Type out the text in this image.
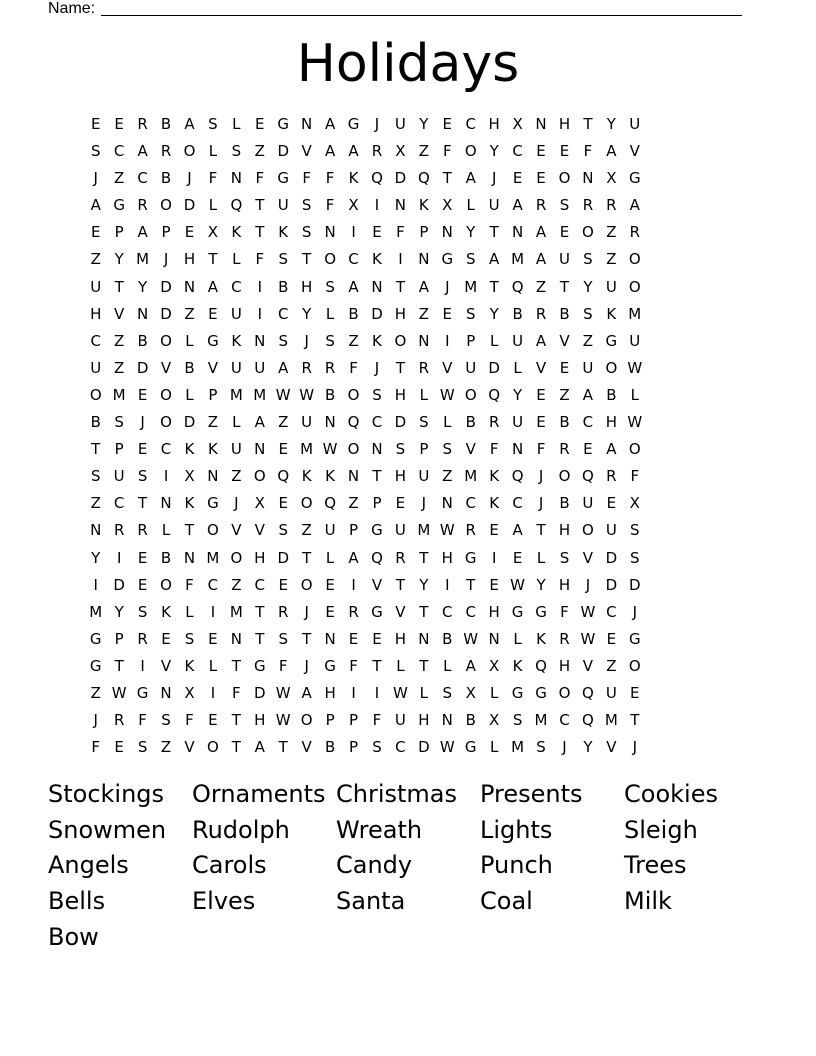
Name:
Holidays
E E R B A S L E G N A G	J	U Y E C H X N H T Y U
S C A R O L S Z D V A A R X Z F O Y C E E F A V
J	Z C B	J	F N F G F F K Q D Q T A	J	E E O N X G
A G R O D L Q T U S F X	I	N K X L U A R S R R A
E P A P E X K T K S N	I	E F P N Y T N A E O Z R
Z Y M J	H T L F S T O C K	I	N G S A M A U S Z O
U T Y D N A C	I	B H S A N T A	J M T Q Z T Y U O
H V N D Z E U	I	C Y L B D H Z E S Y B R B S K M
C Z B O L G K N S	J	S Z K O N	I	P L U A V Z G U
U Z D V B V U U A R R F	J	T R V U D L V E U O W
O M E O L P M M W W B O S H L W O Q Y E Z A B L
B S	J	O D Z L A Z U N Q C D S L B R U E B C H W
T P E C K K U N E M W O N S P S V F N F R E A O
S U S	I	X N Z O Q K K N T H U Z M K Q	J	O Q R F
Z C T N K G	J	X E O Q Z P E	J	N C K C	J	B U E X
N R R L T O V V S Z U P G U M W R E A T H O U S
Y	I	E B N M O H D T L A Q R T H G	I	E L S V D S
I	D E O F C Z C E O E	I	V T Y	I	T E W Y H	J	D D
M Y S K L	I M T R	J	E R G V T C C H G G F W C	J
G P R E S E N T S T N E E H N B W N L K R W E G
G T	I	V K L T G F	J	G F T L T L A X K Q H V Z O
Z W G N X	I	F D W A H	I	I W L S X L G G O Q U E
J	R F S F E T H W O P P F U H N B X S M C Q M T
F E S Z V O T A T V B P S C D W G L M S	J	Y V	J
Stockings	Ornaments Christmas Presents	Cookies
Snowmen	Rudolph	Wreath	Lights	Sleigh
Angels	Carols	Candy	Punch	Trees
Bells	Elves	Santa	Coal	Milk
Bow
